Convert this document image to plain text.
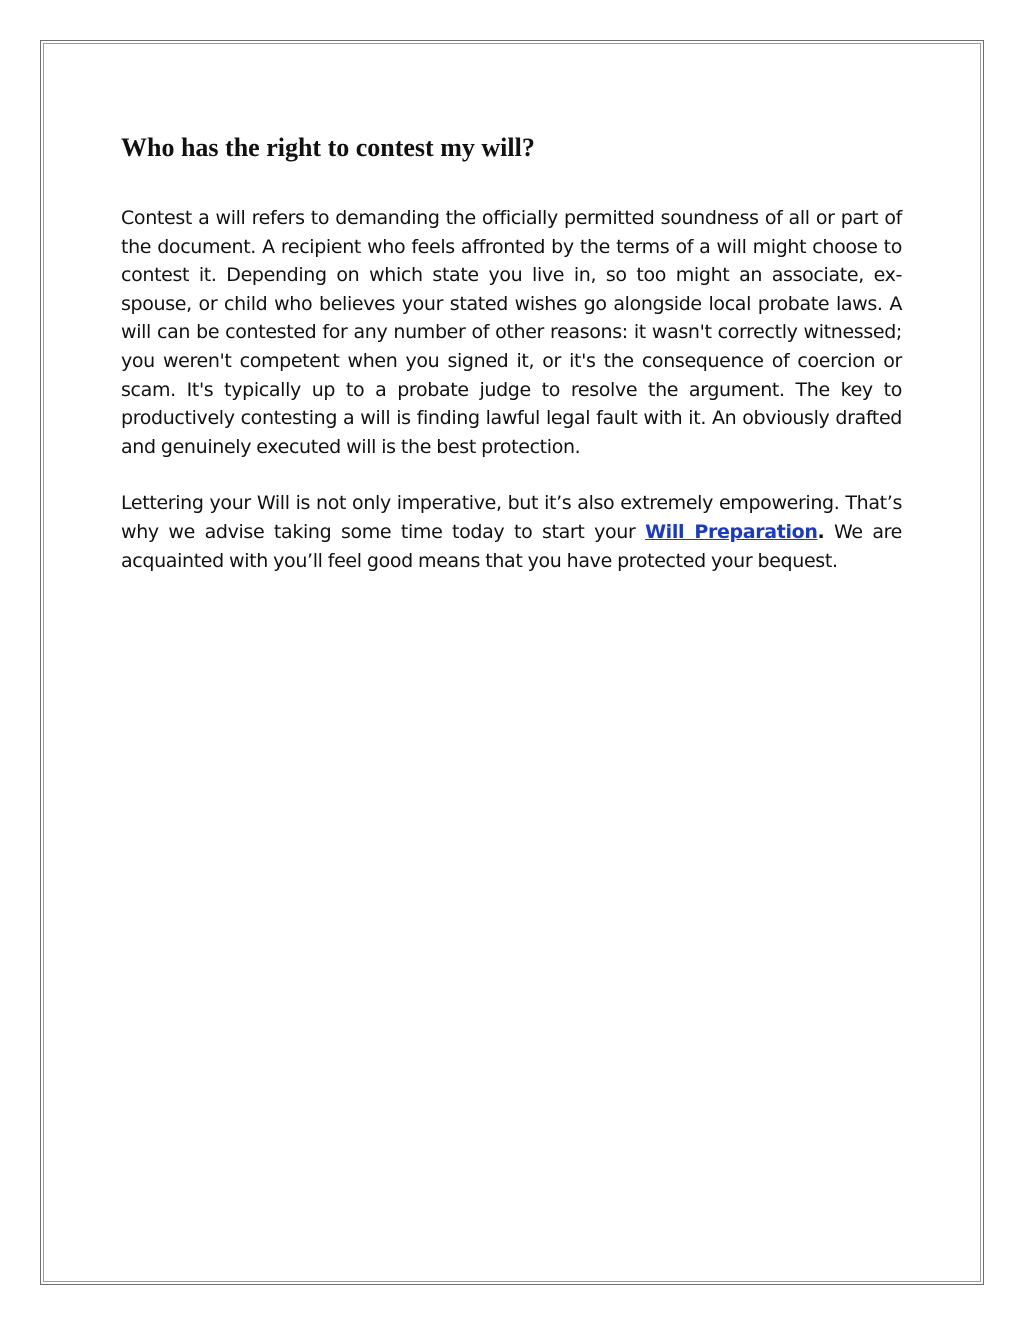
Who has the right to contest my will?

Contest a will refers to demanding the officially permitted soundness of all or part of the document. A recipient who feels affronted by the terms of a will might choose to contest it. Depending on which state you live in, so too might an associate, ex-spouse, or child who believes your stated wishes go alongside local probate laws. A will can be contested for any number of other reasons: it wasn't correctly witnessed; you weren't competent when you signed it, or it's the consequence of coercion or scam. It's typically up to a probate judge to resolve the argument. The key to productively contesting a will is finding lawful legal fault with it. An obviously drafted and genuinely executed will is the best protection.

Lettering your Will is not only imperative, but it’s also extremely empowering. That’s why we advise taking some time today to start your Will Preparation. We are acquainted with you’ll feel good means that you have protected your bequest.
